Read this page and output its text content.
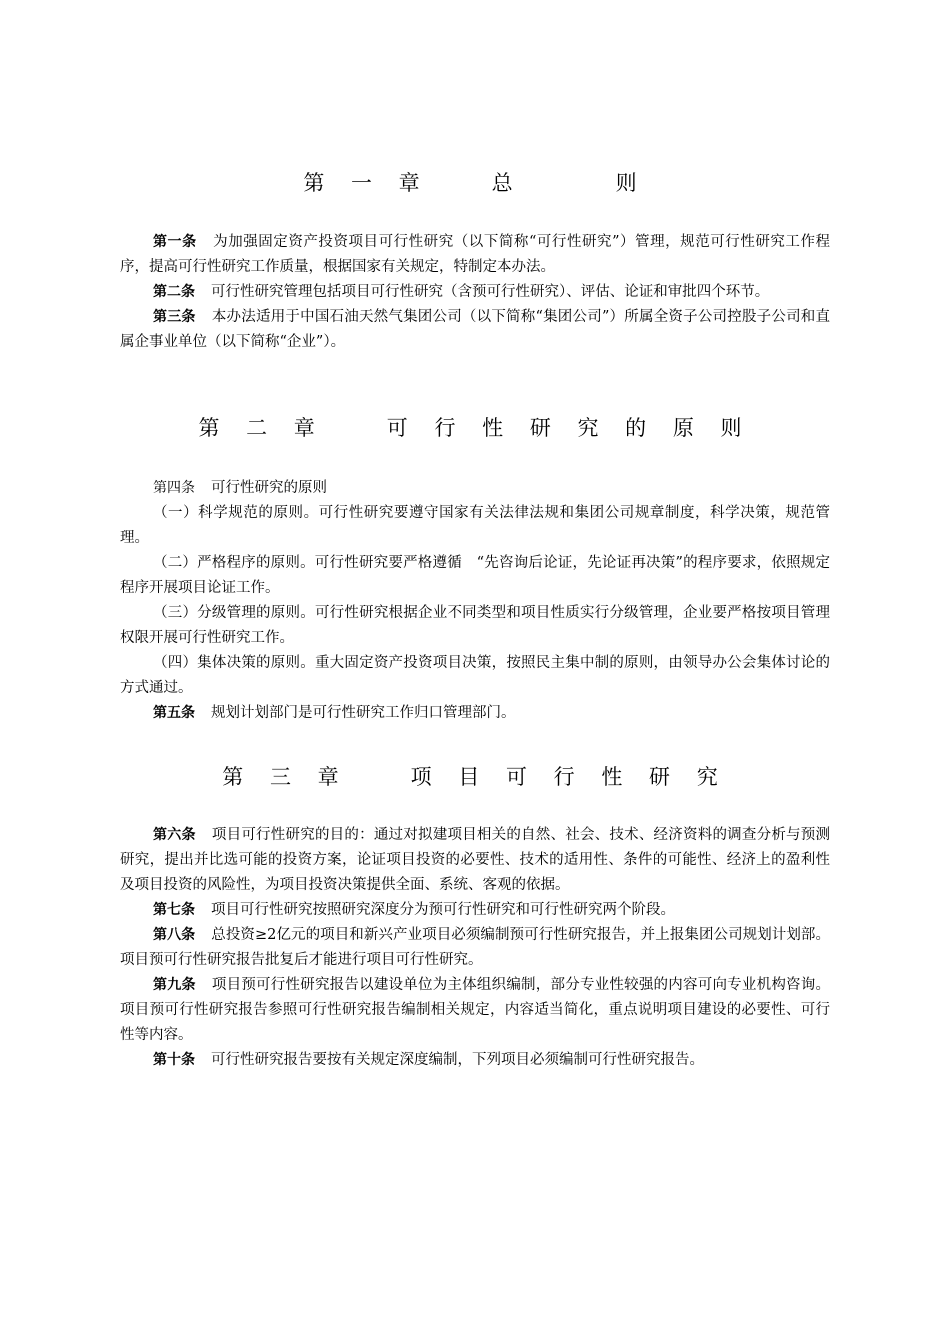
第 一 章　　总　　　则

第一条 为加强固定资产投资项目可行性研究（以下简称“可行性研究”）管理，规范可行性研究工作程序，提高可行性研究工作质量，根据国家有关规定，特制定本办法。

第二条 可行性研究管理包括项目可行性研究（含预可行性研究）、评估、论证和审批四个环节。

第三条 本办法适用于中国石油天然气集团公司（以下简称“集团公司”）所属全资子公司控股子公司和直属企事业单位（以下简称“企业”）。

第 二 章　　可 行 性 研 究 的 原 则

第四条 可行性研究的原则

（一）科学规范的原则。可行性研究要遵守国家有关法律法规和集团公司规章制度，科学决策，规范管理。

（二）严格程序的原则。可行性研究要严格遵循　“先咨询后论证，先论证再决策”的程序要求，依照规定程序开展项目论证工作。

（三）分级管理的原则。可行性研究根据企业不同类型和项目性质实行分级管理，企业要严格按项目管理权限开展可行性研究工作。

（四）集体决策的原则。重大固定资产投资项目决策，按照民主集中制的原则，由领导办公会集体讨论的方式通过。

第五条 规划计划部门是可行性研究工作归口管理部门。

第 三 章　　项 目 可 行 性 研 究

第六条 项目可行性研究的目的：通过对拟建项目相关的自然、社会、技术、经济资料的调查分析与预测研究，提出并比选可能的投资方案，论证项目投资的必要性、技术的适用性、条件的可能性、经济上的盈利性及项目投资的风险性，为项目投资决策提供全面、系统、客观的依据。

第七条 项目可行性研究按照研究深度分为预可行性研究和可行性研究两个阶段。

第八条 总投资≥2亿元的项目和新兴产业项目必须编制预可行性研究报告，并上报集团公司规划计划部。项目预可行性研究报告批复后才能进行项目可行性研究。

第九条 项目预可行性研究报告以建设单位为主体组织编制，部分专业性较强的内容可向专业机构咨询。项目预可行性研究报告参照可行性研究报告编制相关规定，内容适当简化，重点说明项目建设的必要性、可行性等内容。

第十条 可行性研究报告要按有关规定深度编制，下列项目必须编制可行性研究报告。
